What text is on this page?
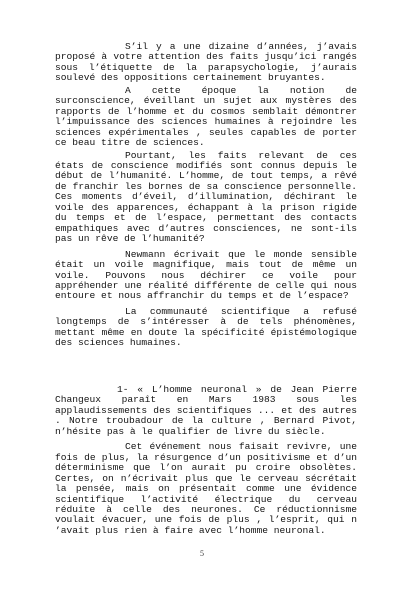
S’il y a une dizaine d’années, j’avais proposé à votre attention des faits jusqu’ici rangés sous l’étiquette de la parapsychologie, j’aurais soulevé des oppositions certainement bruyantes.

A cette époque la notion de surconscience, éveillant un sujet aux mystères des rapports de l’homme et du cosmos semblait démontrer l’impuissance des sciences humaines à rejoindre les sciences expérimentales , seules capables de porter ce beau titre de sciences.

Pourtant, les faits relevant de ces états de conscience modifiés sont connus depuis le début de l’humanité. L’homme, de tout temps, a rêvé de franchir les bornes de sa conscience personnelle. Ces moments d’éveil, d’illumination, déchirant le voile des apparences, échappant à la prison rigide du temps et de l’espace, permettant des contacts empathiques avec d’autres consciences, ne sont-ils pas un rêve de l’humanité?

Newmann écrivait que le monde sensible était un voile magnifique, mais tout de même un voile. Pouvons nous déchirer ce voile pour appréhender une réalité différente de celle qui nous entoure et nous affranchir du temps et de l’espace?

La communauté scientifique a refusé longtemps de s’intéresser à de tels phénomènes, mettant même en doute la spécificité épistémologique des sciences humaines.

1- « L’homme neuronal » de Jean Pierre Changeux paraît en Mars 1983 sous les applaudissements des scientifiques ... et des autres . Notre troubadour de la culture , Bernard Pivot, n’hésite pas à le qualifier de livre du siècle.

Cet événement nous faisait revivre, une fois de plus, la résurgence d’un positivisme et d’un déterminisme que l’on aurait pu croire obsolètes. Certes, on n’écrivait plus que le cerveau sécrétait la pensée, mais on présentait comme une évidence scientifique l’activité électrique du cerveau réduite à celle des neurones. Ce réductionnisme voulait évacuer, une fois de plus , l’esprit, qui n ’avait plus rien à faire avec l’homme neuronal.

5
